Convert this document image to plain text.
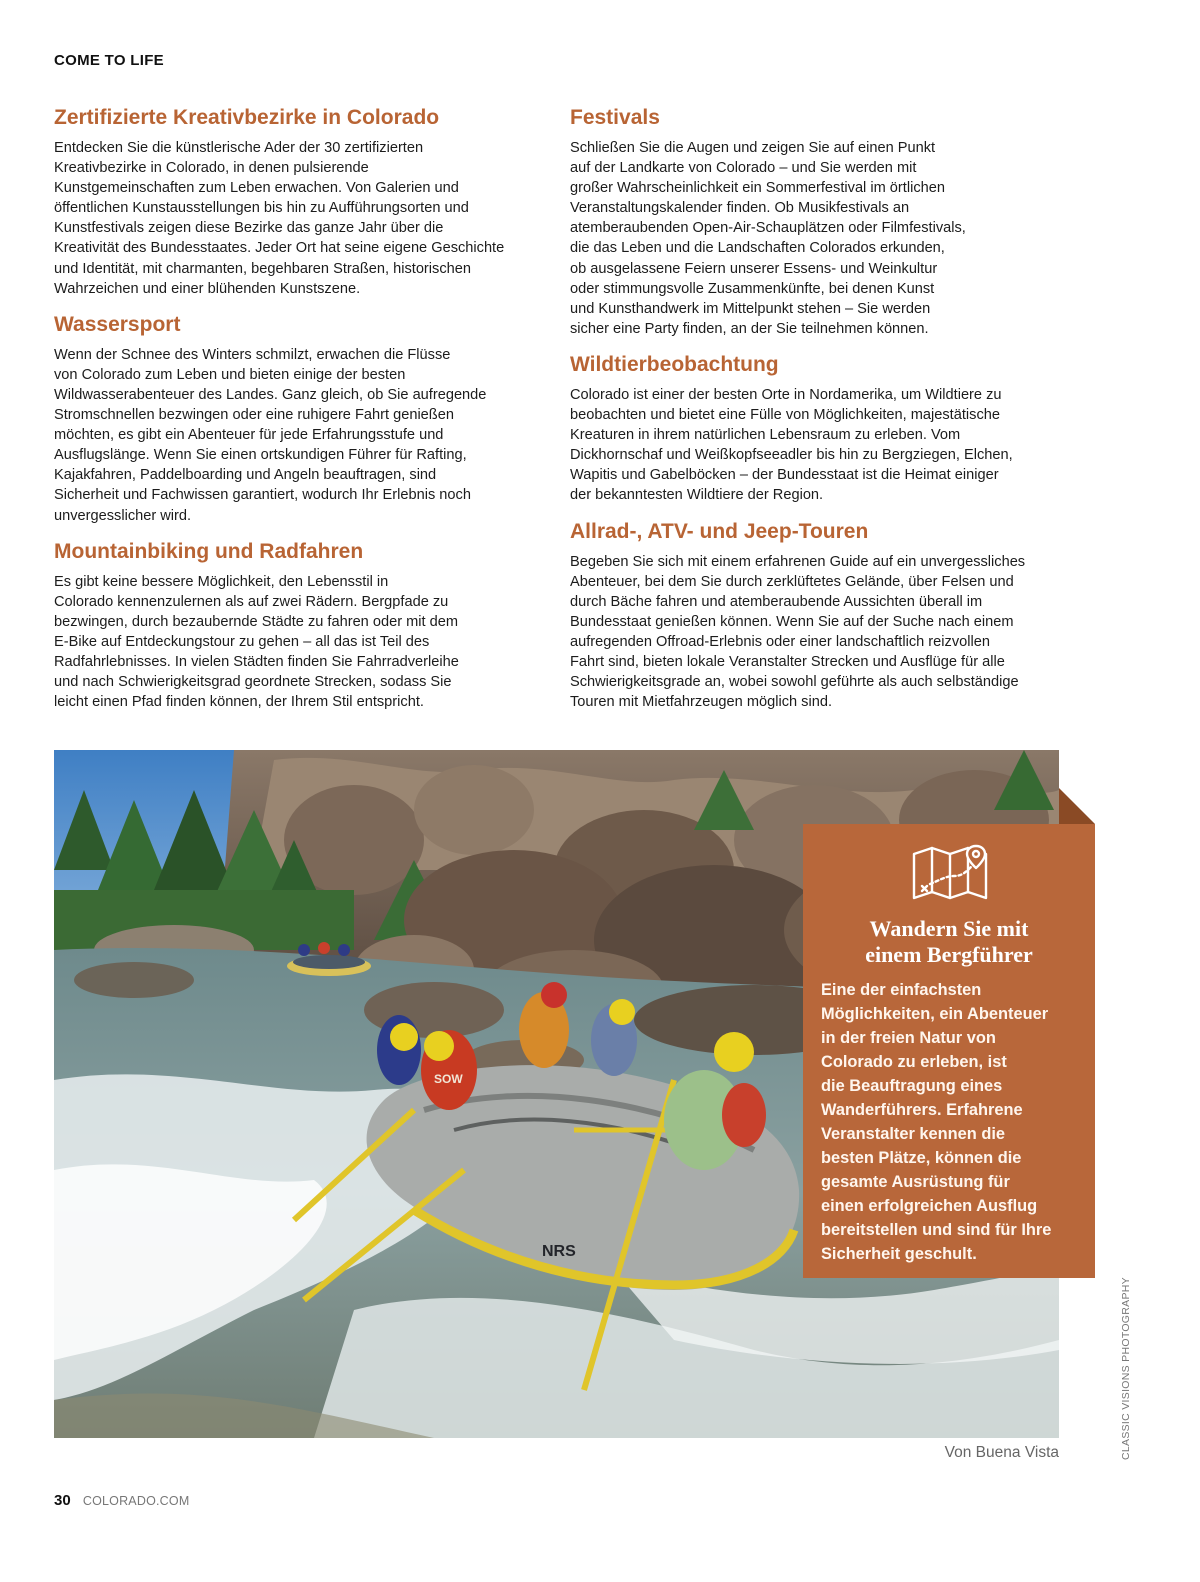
COME TO LIFE
Zertifizierte Kreativbezirke in Colorado

Entdecken Sie die künstlerische Ader der 30 zertifizierten
Kreativbezirke in Colorado, in denen pulsierende
Kunstgemeinschaften zum Leben erwachen. Von Galerien und
öffentlichen Kunstausstellungen bis hin zu Aufführungsorten und
Kunstfestivals zeigen diese Bezirke das ganze Jahr über die
Kreativität des Bundesstaates. Jeder Ort hat seine eigene Geschichte
und Identität, mit charmanten, begehbaren Straßen, historischen
Wahrzeichen und einer blühenden Kunstszene.

Wassersport

Wenn der Schnee des Winters schmilzt, erwachen die Flüsse
von Colorado zum Leben und bieten einige der besten
Wildwasserabenteuer des Landes. Ganz gleich, ob Sie aufregende
Stromschnellen bezwingen oder eine ruhigere Fahrt genießen
möchten, es gibt ein Abenteuer für jede Erfahrungsstufe und
Ausflugslänge. Wenn Sie einen ortskundigen Führer für Rafting,
Kajakfahren, Paddelboarding und Angeln beauftragen, sind
Sicherheit und Fachwissen garantiert, wodurch Ihr Erlebnis noch
unvergesslicher wird.

Mountainbiking und Radfahren

Es gibt keine bessere Möglichkeit, den Lebensstil in
Colorado kennenzulernen als auf zwei Rädern. Bergpfade zu
bezwingen, durch bezaubernde Städte zu fahren oder mit dem
E-Bike auf Entdeckungstour zu gehen – all das ist Teil des
Radfahrlebnisses. In vielen Städten finden Sie Fahrradverleihe
und nach Schwierigkeitsgrad geordnete Strecken, sodass Sie
leicht einen Pfad finden können, der Ihrem Stil entspricht.

Festivals

Schließen Sie die Augen und zeigen Sie auf einen Punkt
auf der Landkarte von Colorado – und Sie werden mit
großer Wahrscheinlichkeit ein Sommerfestival im örtlichen
Veranstaltungskalender finden. Ob Musikfestivals an
atemberaubenden Open-Air-Schauplätzen oder Filmfestivals,
die das Leben und die Landschaften Colorados erkunden,
ob ausgelassene Feiern unserer Essens- und Weinkultur
oder stimmungsvolle Zusammenkünfte, bei denen Kunst
und Kunsthandwerk im Mittelpunkt stehen – Sie werden
sicher eine Party finden, an der Sie teilnehmen können.

Wildtierbeobachtung

Colorado ist einer der besten Orte in Nordamerika, um Wildtiere zu
beobachten und bietet eine Fülle von Möglichkeiten, majestätische
Kreaturen in ihrem natürlichen Lebensraum zu erleben. Vom
Dickhornschaf und Weißkopfseeadler bis hin zu Bergziegen, Elchen,
Wapitis und Gabelböcken – der Bundesstaat ist die Heimat einiger
der bekanntesten Wildtiere der Region.

Allrad-, ATV- und Jeep-Touren

Begeben Sie sich mit einem erfahrenen Guide auf ein unvergessliches
Abenteuer, bei dem Sie durch zerklüftetes Gelände, über Felsen und
durch Bäche fahren und atemberaubende Aussichten überall im
Bundesstaat genießen können. Wenn Sie auf der Suche nach einem
aufregenden Offroad-Erlebnis oder einer landschaftlich reizvollen
Fahrt sind, bieten lokale Veranstalter Strecken und Ausflüge für alle
Schwierigkeitsgrade an, wobei sowohl geführte als auch selbständige
Touren mit Mietfahrzeugen möglich sind.

NRS
SOW
Wandern Sie mit
einem Bergführer

Eine der einfachsten
Möglichkeiten, ein Abenteuer
in der freien Natur von
Colorado zu erleben, ist
die Beauftragung eines
Wanderführers. Erfahrene
Veranstalter kennen die
besten Plätze, können die
gesamte Ausrüstung für
einen erfolgreichen Ausflug
bereitstellen und sind für Ihre
Sicherheit geschult.

CLASSIC VISIONS PHOTOGRAPHY
Von Buena Vista
30 COLORADO.COM
